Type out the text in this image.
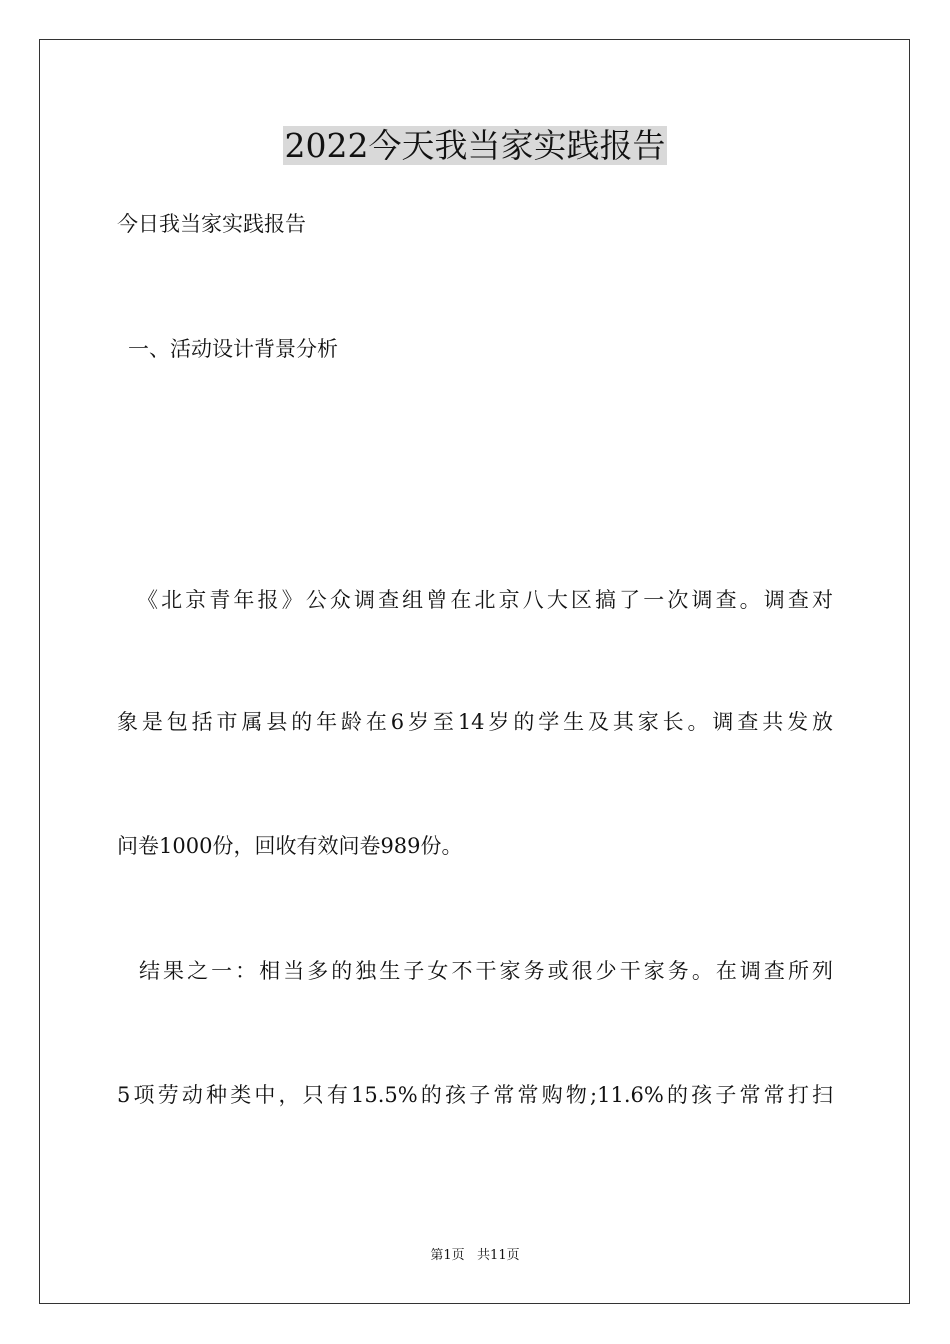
2022今天我当家实践报告

今日我当家实践报告

一、活动设计背景分析

《北京青年报》公众调查组曾在北京八大区搞了一次调查。调查对

象是包括市属县的年龄在6岁至14岁的学生及其家长。调查共发放

问卷1000份，回收有效问卷989份。

结果之一：相当多的独生子女不干家务或很少干家务。在调查所列

5项劳动种类中，只有15.5%的孩子常常购物;11.6%的孩子常常打扫

第1页   共11页
